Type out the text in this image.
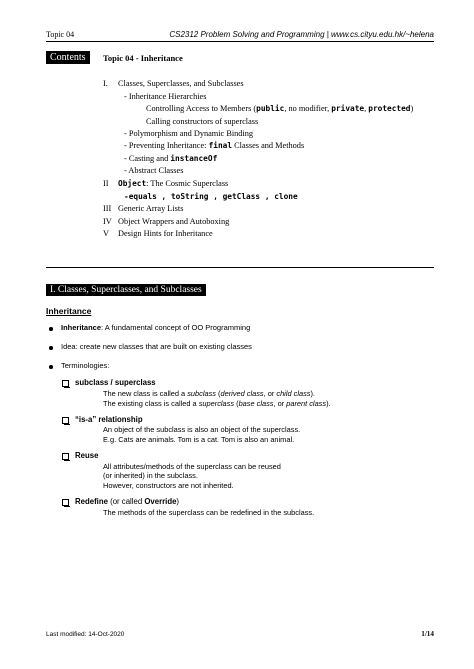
Topic 04	CS2312 Problem Solving and Programming | www.cs.cityu.edu.hk/~helena
Contents	Topic 04 - Inheritance
I. Classes, Superclasses, and Subclasses
- Inheritance Hierarchies
Controlling Access to Members (public, no modifier, private, protected)
Calling constructors of superclass
- Polymorphism and Dynamic Binding
- Preventing Inheritance: final Classes and Methods
- Casting and instanceOf
- Abstract Classes
II Object: The Cosmic Superclass
-equals , toString , getClass , clone
III Generic Array Lists
IV Object Wrappers and Autoboxing
V Design Hints for Inheritance
I. Classes, Superclasses, and Subclasses
Inheritance
Inheritance: A fundamental concept of OO Programming
Idea: create new classes that are built on existing classes
Terminologies:
subclass / superclass
The new class is called a subclass (derived class, or child class).
The existing class is called a superclass (base class, or parent class).
“is-a” relationship
An object of the subclass is also an object of the superclass.
E.g. Cats are animals. Tom is a cat. Tom is also an animal.
Reuse
All attributes/methods of the superclass can be reused
(or inherited) in the subclass.
However, constructors are not inherited.
Redefine (or called Override)
The methods of the superclass can be redefined in the subclass.
Last modified: 14-Oct-2020	1/14
